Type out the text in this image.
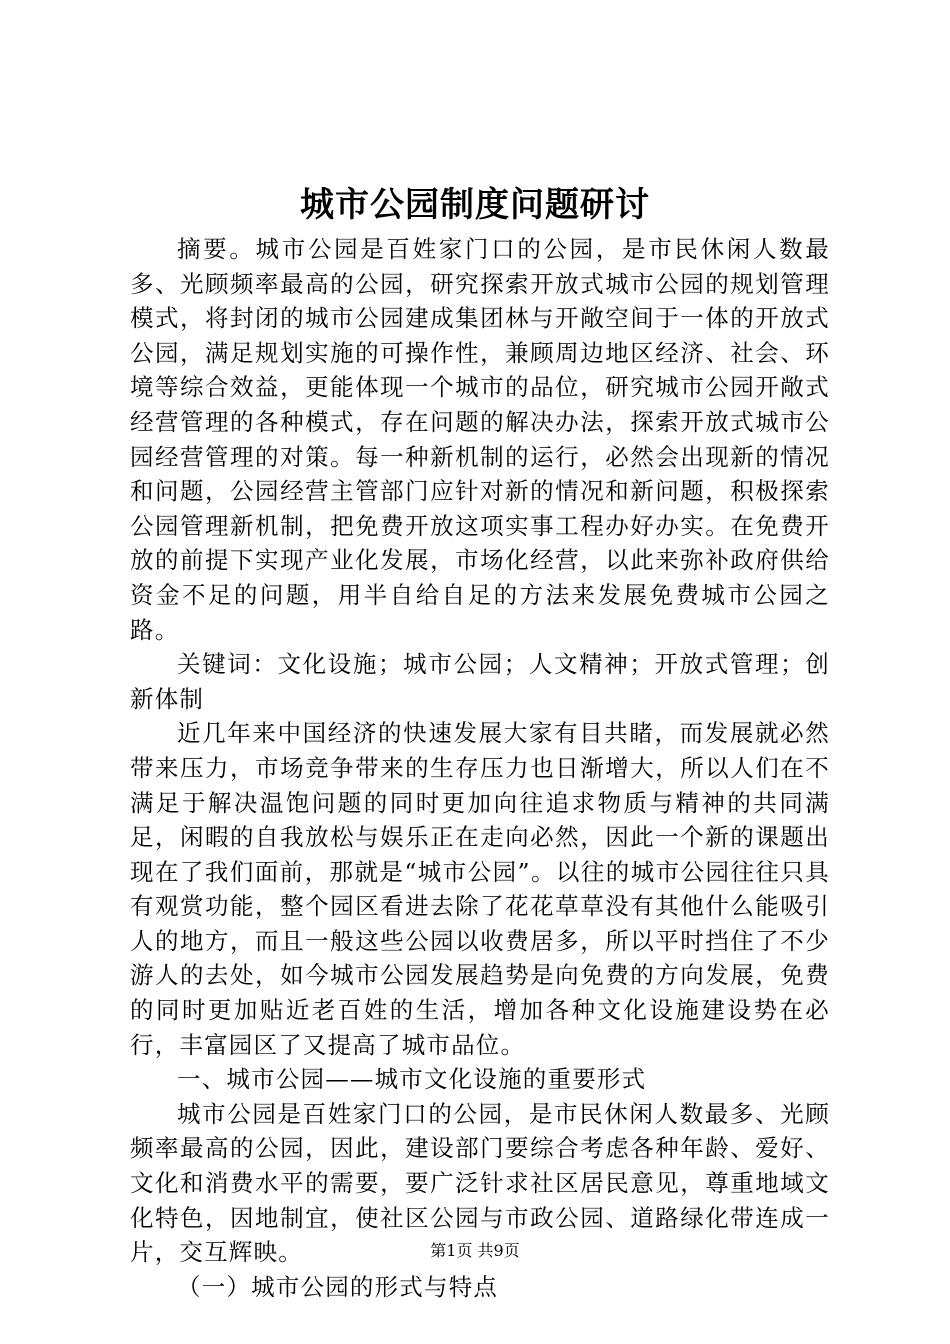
城市公园制度问题研讨

摘要。城市公园是百姓家门口的公园，是市民休闲人数最多、光顾频率最高的公园，研究探索开放式城市公园的规划管理模式，将封闭的城市公园建成集团林与开敞空间于一体的开放式公园，满足规划实施的可操作性，兼顾周边地区经济、社会、环境等综合效益，更能体现一个城市的品位，研究城市公园开敞式经营管理的各种模式，存在问题的解决办法，探索开放式城市公园经营管理的对策。每一种新机制的运行，必然会出现新的情况和问题，公园经营主管部门应针对新的情况和新问题，积极探索公园管理新机制，把免费开放这项实事工程办好办实。在免费开放的前提下实现产业化发展，市场化经营，以此来弥补政府供给资金不足的问题，用半自给自足的方法来发展免费城市公园之路。

关键词：文化设施；城市公园；人文精神；开放式管理；创新体制

近几年来中国经济的快速发展大家有目共睹，而发展就必然带来压力，市场竞争带来的生存压力也日渐增大，所以人们在不满足于解决温饱问题的同时更加向往追求物质与精神的共同满足，闲暇的自我放松与娱乐正在走向必然，因此一个新的课题出现在了我们面前，那就是“城市公园”。以往的城市公园往往只具有观赏功能，整个园区看进去除了花花草草没有其他什么能吸引人的地方，而且一般这些公园以收费居多，所以平时挡住了不少游人的去处，如今城市公园发展趋势是向免费的方向发展，免费的同时更加贴近老百姓的生活，增加各种文化设施建设势在必行，丰富园区了又提高了城市品位。

一、城市公园——城市文化设施的重要形式

城市公园是百姓家门口的公园，是市民休闲人数最多、光顾频率最高的公园，因此，建设部门要综合考虑各种年龄、爱好、文化和消费水平的需要，要广泛针求社区居民意见，尊重地域文化特色，因地制宜，使社区公园与市政公园、道路绿化带连成一片，交互辉映。

（一）城市公园的形式与特点

第1页 共9页
